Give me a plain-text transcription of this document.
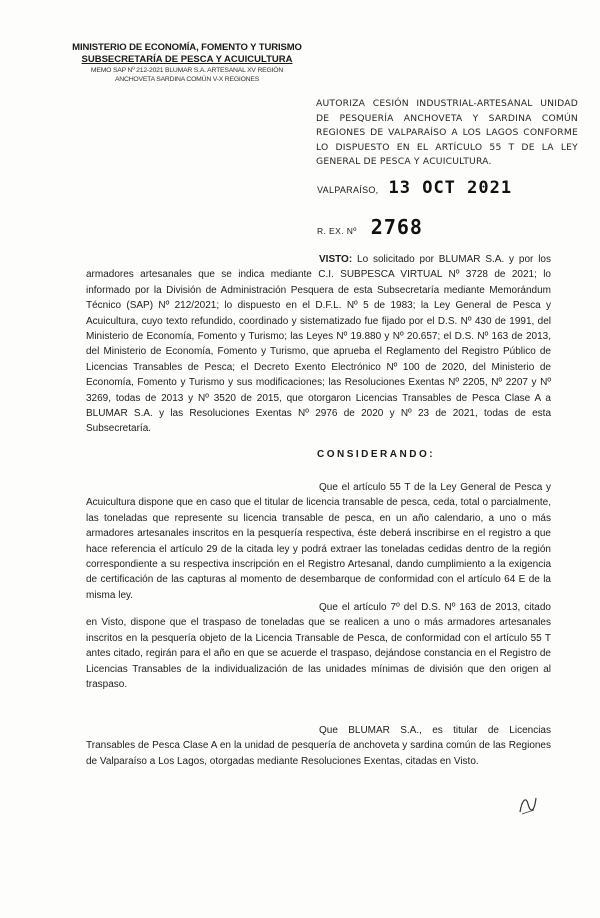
MINISTERIO DE ECONOMÍA, FOMENTO Y TURISMO
SUBSECRETARÍA DE PESCA Y ACUICULTURA
MEMO SAP Nº 212-2021 BLUMAR S.A. ARTESANAL XV REGIÓN
ANCHOVETA SARDINA COMÚN V-X REGIONES
AUTORIZA CESIÓN INDUSTRIAL-ARTESANAL UNIDAD DE PESQUERÍA ANCHOVETA Y SARDINA COMÚN REGIONES DE VALPARAÍSO A LOS LAGOS CONFORME LO DISPUESTO EN EL ARTÍCULO 55 T DE LA LEY GENERAL DE PESCA Y ACUICULTURA.
VALPARAÍSO, 13 OCT 2021
R. EX. Nº 2768
VISTO: Lo solicitado por BLUMAR S.A. y por los armadores artesanales que se indica mediante C.I. SUBPESCA VIRTUAL Nº 3728 de 2021; lo informado por la División de Administración Pesquera de esta Subsecretaría mediante Memorándum Técnico (SAP) Nº 212/2021; lo dispuesto en el D.F.L. Nº 5 de 1983; la Ley General de Pesca y Acuicultura, cuyo texto refundido, coordinado y sistematizado fue fijado por el D.S. Nº 430 de 1991, del Ministerio de Economía, Fomento y Turismo; las Leyes Nº 19.880 y Nº 20.657; el D.S. Nº 163 de 2013, del Ministerio de Economía, Fomento y Turismo, que aprueba el Reglamento del Registro Público de Licencias Transables de Pesca; el Decreto Exento Electrónico Nº 100 de 2020, del Ministerio de Economía, Fomento y Turismo y sus modificaciones; las Resoluciones Exentas Nº 2205, Nº 2207 y Nº 3269, todas de 2013 y Nº 3520 de 2015, que otorgaron Licencias Transables de Pesca Clase A a BLUMAR S.A. y las Resoluciones Exentas Nº 2976 de 2020 y Nº 23 de 2021, todas de esta Subsecretaría.
CONSIDERANDO:
Que el artículo 55 T de la Ley General de Pesca y Acuicultura dispone que en caso que el titular de licencia transable de pesca, ceda, total o parcialmente, las toneladas que represente su licencia transable de pesca, en un año calendario, a uno o más armadores artesanales inscritos en la pesquería respectiva, éste deberá inscribirse en el registro a que hace referencia el artículo 29 de la citada ley y podrá extraer las toneladas cedidas dentro de la región correspondiente a su respectiva inscripción en el Registro Artesanal, dando cumplimiento a la exigencia de certificación de las capturas al momento de desembarque de conformidad con el artículo 64 E de la misma ley.
Que el artículo 7º del D.S. Nº 163 de 2013, citado en Visto, dispone que el traspaso de toneladas que se realicen a uno o más armadores artesanales inscritos en la pesquería objeto de la Licencia Transable de Pesca, de conformidad con el artículo 55 T antes citado, regirán para el año en que se acuerde el traspaso, dejándose constancia en el Registro de Licencias Transables de la individualización de las unidades mínimas de división que den origen al traspaso.
Que BLUMAR S.A., es titular de Licencias Transables de Pesca Clase A en la unidad de pesquería de anchoveta y sardina común de las Regiones de Valparaíso a Los Lagos, otorgadas mediante Resoluciones Exentas, citadas en Visto.
